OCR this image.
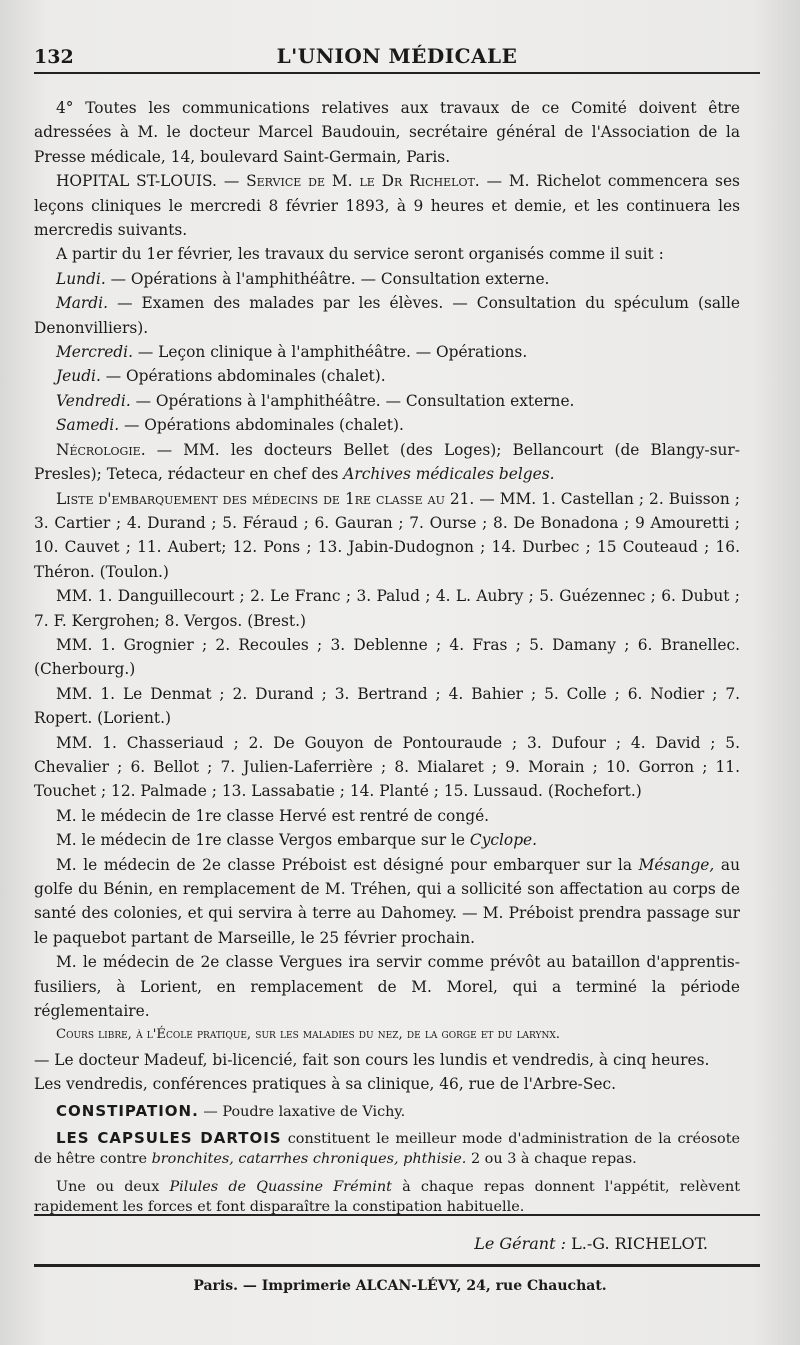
132	L'UNION MÉDICALE

4° Toutes les communications relatives aux travaux de ce Comité doivent être adressées à M. le docteur Marcel Baudouin, secrétaire général de l'Association de la Presse médicale, 14, boulevard Saint-Germain, Paris.

HOPITAL ST-LOUIS. — Service de M. le Dr Richelot. — M. Richelot commencera ses leçons cliniques le mercredi 8 février 1893, à 9 heures et demie, et les continuera les mercredis suivants.

A partir du 1er février, les travaux du service seront organisés comme il suit :

Lundi. — Opérations à l'amphithéâtre. — Consultation externe.

Mardi. — Examen des malades par les élèves. — Consultation du spéculum (salle Denonvilliers).

Mercredi. — Leçon clinique à l'amphithéâtre. — Opérations.

Jeudi. — Opérations abdominales (chalet).

Vendredi. — Opérations à l'amphithéâtre. — Consultation externe.

Samedi. — Opérations abdominales (chalet).

Nécrologie. — MM. les docteurs Bellet (des Loges); Bellancourt (de Blangy-sur-Presles); Teteca, rédacteur en chef des Archives médicales belges.

Liste d'embarquement des médecins de 1re classe au 21. — MM. 1. Castellan ; 2. Buisson ; 3. Cartier ; 4. Durand ; 5. Féraud ; 6. Gauran ; 7. Ourse ; 8. De Bonadona ; 9 Amouretti ; 10. Cauvet ; 11. Aubert; 12. Pons ; 13. Jabin-Dudognon ; 14. Durbec ; 15 Couteaud ; 16. Théron. (Toulon.)

MM. 1. Danguillecourt ; 2. Le Franc ; 3. Palud ; 4. L. Aubry ; 5. Guézennec ; 6. Dubut ; 7. F. Kergrohen; 8. Vergos. (Brest.)

MM. 1. Grognier ; 2. Recoules ; 3. Deblenne ; 4. Fras ; 5. Damany ; 6. Branellec. (Cherbourg.)

MM. 1. Le Denmat ; 2. Durand ; 3. Bertrand ; 4. Bahier ; 5. Colle ; 6. Nodier ; 7. Ropert. (Lorient.)

MM. 1. Chasseriaud ; 2. De Gouyon de Pontouraude ; 3. Dufour ; 4. David ; 5. Chevalier ; 6. Bellot ; 7. Julien-Laferrière ; 8. Mialaret ; 9. Morain ; 10. Gorron ; 11. Touchet ; 12. Palmade ; 13. Lassabatie ; 14. Planté ; 15. Lussaud. (Rochefort.)

M. le médecin de 1re classe Hervé est rentré de congé.

M. le médecin de 1re classe Vergos embarque sur le Cyclope.

M. le médecin de 2e classe Préboist est désigné pour embarquer sur la Mésange, au golfe du Bénin, en remplacement de M. Tréhen, qui a sollicité son affectation au corps de santé des colonies, et qui servira à terre au Dahomey. — M. Préboist prendra passage sur le paquebot partant de Marseille, le 25 février prochain.

M. le médecin de 2e classe Vergues ira servir comme prévôt au bataillon d'apprentis-fusiliers, à Lorient, en remplacement de M. Morel, qui a terminé la période réglementaire.

Cours libre, à l'École pratique, sur les maladies du nez, de la gorge et du larynx.

— Le docteur Madeuf, bi-licencié, fait son cours les lundis et vendredis, à cinq heures.

Les vendredis, conférences pratiques à sa clinique, 46, rue de l'Arbre-Sec.

CONSTIPATION. — Poudre laxative de Vichy.
LES CAPSULES DARTOIS constituent le meilleur mode d'administration de la créosote de hêtre contre bronchites, catarrhes chroniques, phthisie. 2 ou 3 à chaque repas.
Une ou deux Pilules de Quassine Frémint à chaque repas donnent l'appétit, relèvent rapidement les forces et font disparaître la constipation habituelle.
Le Gérant : L.-G. RICHELOT.
Paris. — Imprimerie ALCAN-LÉVY, 24, rue Chauchat.
